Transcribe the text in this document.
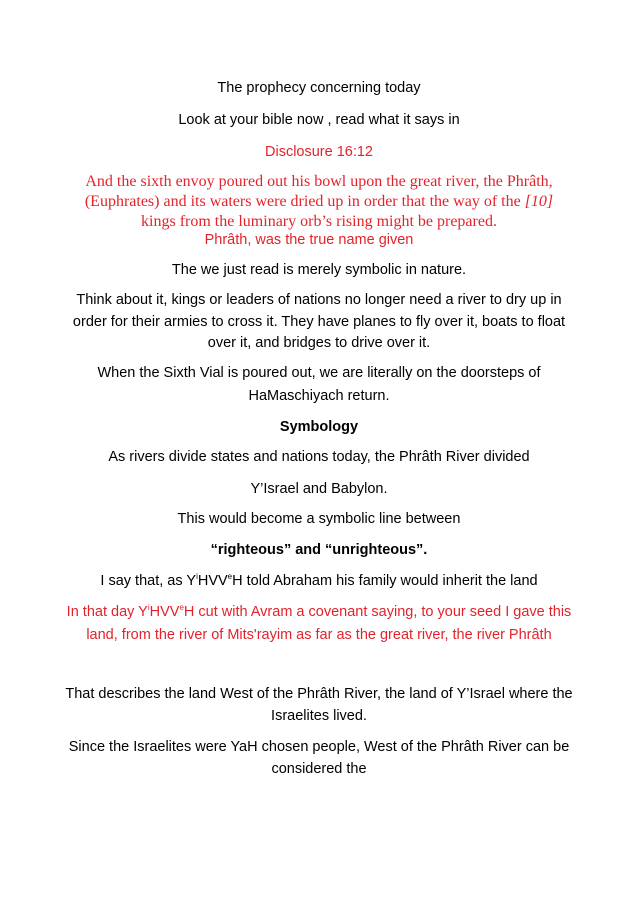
The prophecy concerning today
Look at your bible now , read what it says in
Disclosure 16:12
And the sixth envoy poured out his bowl upon the great river, the Phrâth,
(Euphrates) and its waters were dried up in order that the way of the [10]
kings from the luminary orb’s rising might be prepared.
Phrâth, was the true name given
The we just read is merely symbolic in nature.
Think about it, kings or leaders of nations no longer need a river to dry up in
order for their armies to cross it. They have planes to fly over it, boats to float
over it, and bridges to drive over it.
When the Sixth Vial is poured out, we are literally on the doorsteps of
HaMaschiyach return.
Symbology
As rivers divide states and nations today, the Phrâth River divided
Y’Israel and Babylon.
This would become a symbolic line between
“righteous” and “unrighteous”.
I say that, as $Y^iHVV^eH$ told Abraham his family would inherit the land
In that day $Y^iHVV^eH$ cut with Avram a covenant saying, to your seed I gave this
land, from the river of Mits'rayim as far as the great river, the river Phrâth
That describes the land West of the Phrâth River, the land of Y’Israel where the
Israelites lived.
Since the Israelites were YaH chosen people, West of the Phrâth River can be
considered the
